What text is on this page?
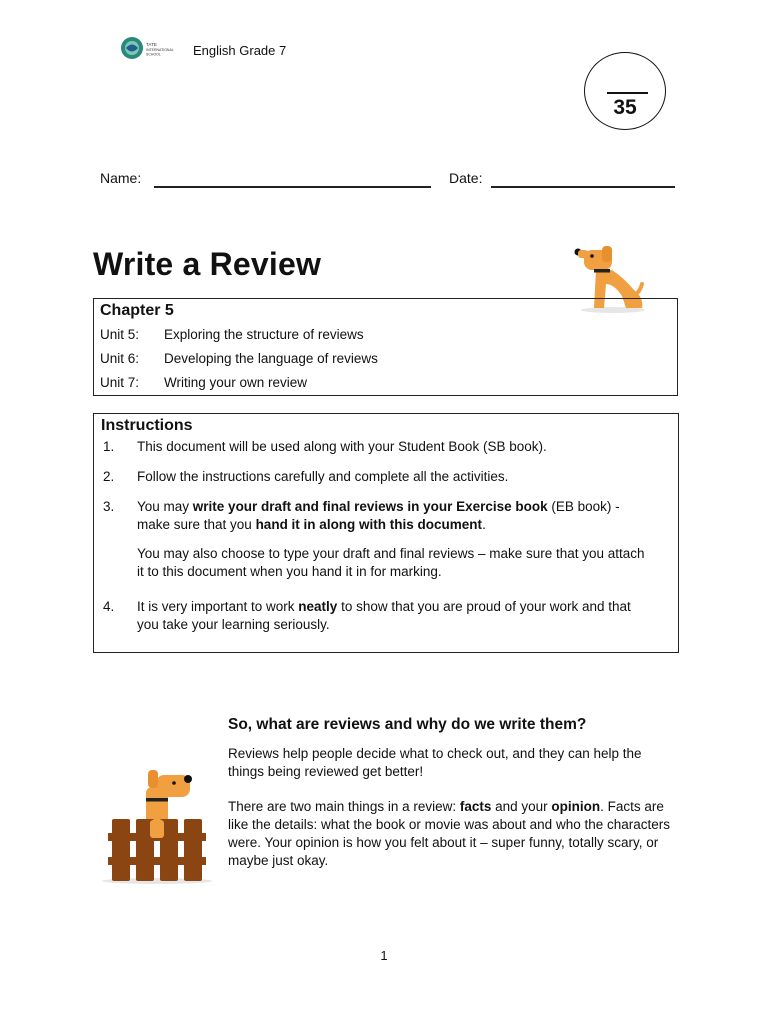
TATE
INTERNATIONAL
SCHOOL English Grade 7
35
Name:	Date:
Write a Review
Chapter 5
Unit 5: Exploring the structure of reviews
Unit 6: Developing the language of reviews
Unit 7: Writing your own review
Instructions
1. This document will be used along with your Student Book (SB book).
2. Follow the instructions carefully and complete all the activities.
3. You may write your draft and final reviews in your Exercise book (EB book) - make sure that you hand it in along with this document.
You may also choose to type your draft and final reviews – make sure that you attach it to this document when you hand it in for marking.
4. It is very important to work neatly to show that you are proud of your work and that you take your learning seriously.
So, what are reviews and why do we write them?
Reviews help people decide what to check out, and they can help the things being reviewed get better!
There are two main things in a review: facts and your opinion. Facts are like the details: what the book or movie was about and who the characters were. Your opinion is how you felt about it – super funny, totally scary, or maybe just okay.
1
